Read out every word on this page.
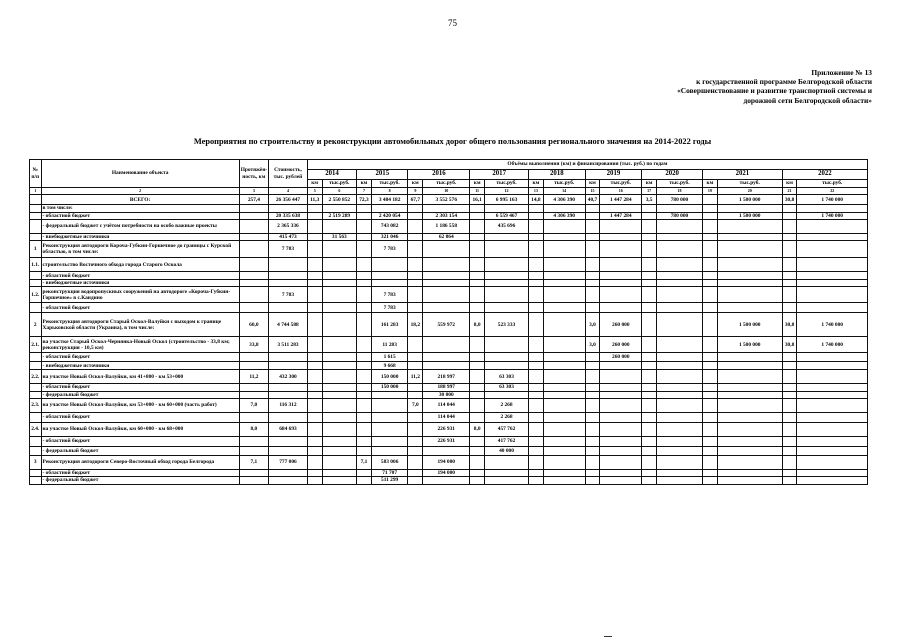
75
Приложение № 13
к государственной программе Белгородской области
«Совершенствование и развитие транспортной системы и
дорожной сети Белгородской области»
Мероприятия по строительству и реконструкции автомобильных дорог общего пользования регионального значения на 2014-2022 годы
№ п/п	Наименование объекта	Протяжён-ность, км	Стоимость, тыс. рублей	Объёмы выполнения (км) и финансирования (тыс. руб.) по годам																	
				2014		2015		2016		2017		2018		2019		2020		2021		2022	
				км	тыс.руб.	км	тыс.руб.	км	тыс.руб.	км	тыс.руб.	км	тыс.руб.	км	тыс.руб.	км	тыс.руб.	км	тыс.руб.	км	тыс.руб.
1	2	3	4	5	6	7	8	9	10	11	12	13	14	15	16	17	18	19	20	21	22
	ВСЕГО:	257,4	26 356 447	11,3	2 550 852	72,3	3 484 182	67,7	3 552 576	16,1	6 995 163	14,8	4 306 390	40,7	1 447 284	3,5	780 000		1 500 000	30,8	1 740 000
	в том числе:																				
	- областной бюджет		20 335 638		2 519 289		2 420 054		2 303 154		6 559 467		4 306 390		1 447 284		780 000		1 500 000		1 740 000
	- федеральный бюджет с учётом потребности на особо важные проекты		2 365 336				743 082		1 186 558		435 696										
	- внебюджетные источники		415 473		31 563		321 046		62 864												
1	Реконструкция автодороги Короча-Губкин-Горшечное до границы с Курской областью, в том числе:		7 783				7 783														
1.1.	строительство Восточного обхода города Старого Оскола																				
	- областной бюджет																				
	- внебюджетные источники																				
1.2.	реконструкция водопропускных сооружений на автодороге «Короча-Губкин-Горшечное» в с.Кандино		7 783				7 783														
	- областной бюджет						7 783														
2	Реконструкция автодороги Старый Оскол-Валуйки с выходом к границе Харьковской области (Украина), в том числе:	60,0	4 744 588				161 283	18,2	559 972	8,0	523 333			3,0	260 000				1 500 000	30,8	1 740 000
2.1.	на участке Старый Оскол-Чернянка-Новый Оскол (строительство - 33,8 км; реконструкция - 10,5 км)	33,8	3 511 283				11 283							3,0	260 000				1 500 000	30,8	1 740 000
	- областной бюджет						1 615								260 000						
	- внебюджетные источники						9 668														
2.2.	на участке Новый Оскол-Валуйки, км 41+800 - км 53+000	11,2	432 300				150 000	11,2	218 997		63 303										
	- областной бюджет						150 000		188 997		63 303										
	- федеральный бюджет								30 000												
2.3.	на участке Новый Оскол-Валуйки, км 53+000 - км 60+000 (часть работ)	7,0	116 312					7,0	114 044		2 268										
	- областной бюджет								114 044		2 268										
2.4.	на участке Новый Оскол-Валуйки, км 60+000 - км 68+000	8,0	684 693						226 931	8,0	457 762										
	- областной бюджет								226 931		417 762										
	- федеральный бюджет										40 000										
3	Реконструкция автодороги Северо-Восточный обход города Белгорода	7,1	777 006			7,1	583 006		194 000												
	- областной бюджет						71 707		194 000												
	- федеральный бюджет						511 299														
